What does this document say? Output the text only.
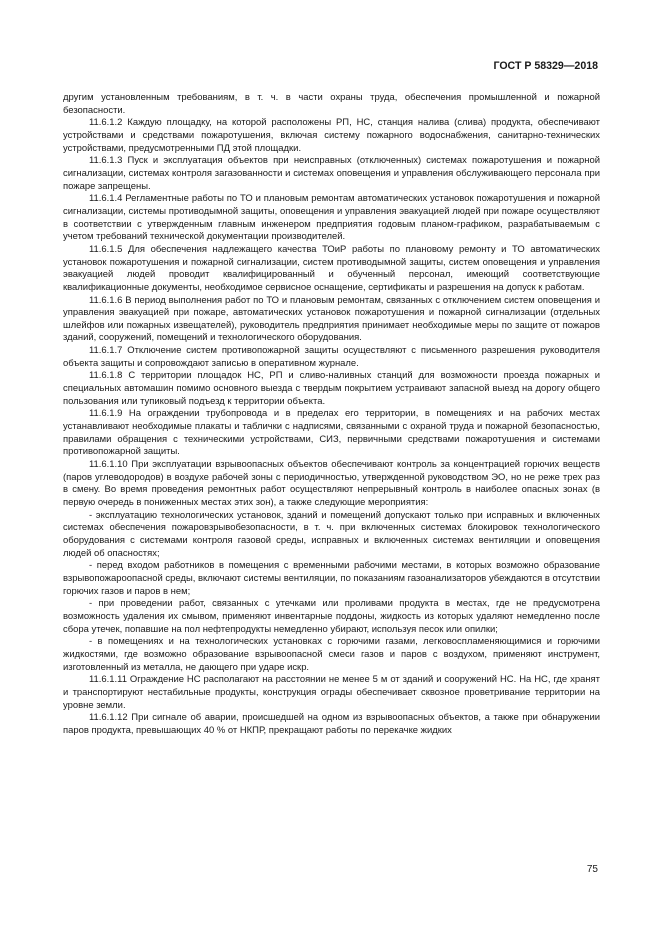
ГОСТ Р 58329—2018

другим установленным требованиям, в т. ч. в части охраны труда, обеспечения промышленной и пожарной безопасности.

11.6.1.2 Каждую площадку, на которой расположены РП, НС, станция налива (слива) продукта, обеспечивают устройствами и средствами пожаротушения, включая систему пожарного водоснабжения, санитарно-технических устройствами, предусмотренными ПД этой площадки.

11.6.1.3 Пуск и эксплуатация объектов при неисправных (отключенных) системах пожаротушения и пожарной сигнализации, системах контроля загазованности и системах оповещения и управления обслуживающего персонала при пожаре запрещены.

11.6.1.4 Регламентные работы по ТО и плановым ремонтам автоматических установок пожаротушения и пожарной сигнализации, системы противодымной защиты, оповещения и управления эвакуацией людей при пожаре осуществляют в соответствии с утвержденным главным инженером предприятия годовым планом-графиком, разрабатываемым с учетом требований технической документации производителей.

11.6.1.5 Для обеспечения надлежащего качества ТОиР работы по плановому ремонту и ТО автоматических установок пожаротушения и пожарной сигнализации, систем противодымной защиты, систем оповещения и управления эвакуацией людей проводит квалифицированный и обученный персонал, имеющий соответствующие квалификационные документы, необходимое сервисное оснащение, сертификаты и разрешения на допуск к работам.

11.6.1.6 В период выполнения работ по ТО и плановым ремонтам, связанных с отключением систем оповещения и управления эвакуацией при пожаре, автоматических установок пожаротушения и пожарной сигнализации (отдельных шлейфов или пожарных извещателей), руководитель предприятия принимает необходимые меры по защите от пожаров зданий, сооружений, помещений и технологического оборудования.

11.6.1.7 Отключение систем противопожарной защиты осуществляют с письменного разрешения руководителя объекта защиты и сопровождают записью в оперативном журнале.

11.6.1.8 С территории площадок НС, РП и сливо-наливных станций для возможности проезда пожарных и специальных автомашин помимо основного выезда с твердым покрытием устраивают запасной выезд на дорогу общего пользования или тупиковый подъезд к территории объекта.

11.6.1.9 На ограждении трубопровода и в пределах его территории, в помещениях и на рабочих местах устанавливают необходимые плакаты и таблички с надписями, связанными с охраной труда и пожарной безопасностью, правилами обращения с техническими устройствами, СИЗ, первичными средствами пожаротушения и системами противопожарной защиты.

11.6.1.10 При эксплуатации взрывоопасных объектов обеспечивают контроль за концентрацией горючих веществ (паров углеводородов) в воздухе рабочей зоны с периодичностью, утвержденной руководством ЭО, но не реже трех раз в смену. Во время проведения ремонтных работ осуществляют непрерывный контроль в наиболее опасных зонах (в первую очередь в пониженных местах этих зон), а также следующие мероприятия:

- эксплуатацию технологических установок, зданий и помещений допускают только при исправных и включенных системах обеспечения пожаровзрывобезопасности, в т. ч. при включенных системах блокировок технологического оборудования с системами контроля газовой среды, исправных и включенных системах вентиляции и оповещения людей об опасностях;

- перед входом работников в помещения с временными рабочими местами, в которых возможно образование взрывопожароопасной среды, включают системы вентиляции, по показаниям газоанализаторов убеждаются в отсутствии горючих газов и паров в нем;

- при проведении работ, связанных с утечками или проливами продукта в местах, где не предусмотрена возможность удаления их смывом, применяют инвентарные поддоны, жидкость из которых удаляют немедленно после сбора утечек, попавшие на пол нефтепродукты немедленно убирают, используя песок или опилки;

- в помещениях и на технологических установках с горючими газами, легковоспламеняющимися и горючими жидкостями, где возможно образование взрывоопасной смеси газов и паров с воздухом, применяют инструмент, изготовленный из металла, не дающего при ударе искр.

11.6.1.11 Ограждение НС располагают на расстоянии не менее 5 м от зданий и сооружений НС. На НС, где хранят и транспортируют нестабильные продукты, конструкция ограды обеспечивает сквозное проветривание территории на уровне земли.

11.6.1.12 При сигнале об аварии, происшедшей на одном из взрывоопасных объектов, а также при обнаружении паров продукта, превышающих 40 % от НКПР, прекращают работы по перекачке жидких

75
